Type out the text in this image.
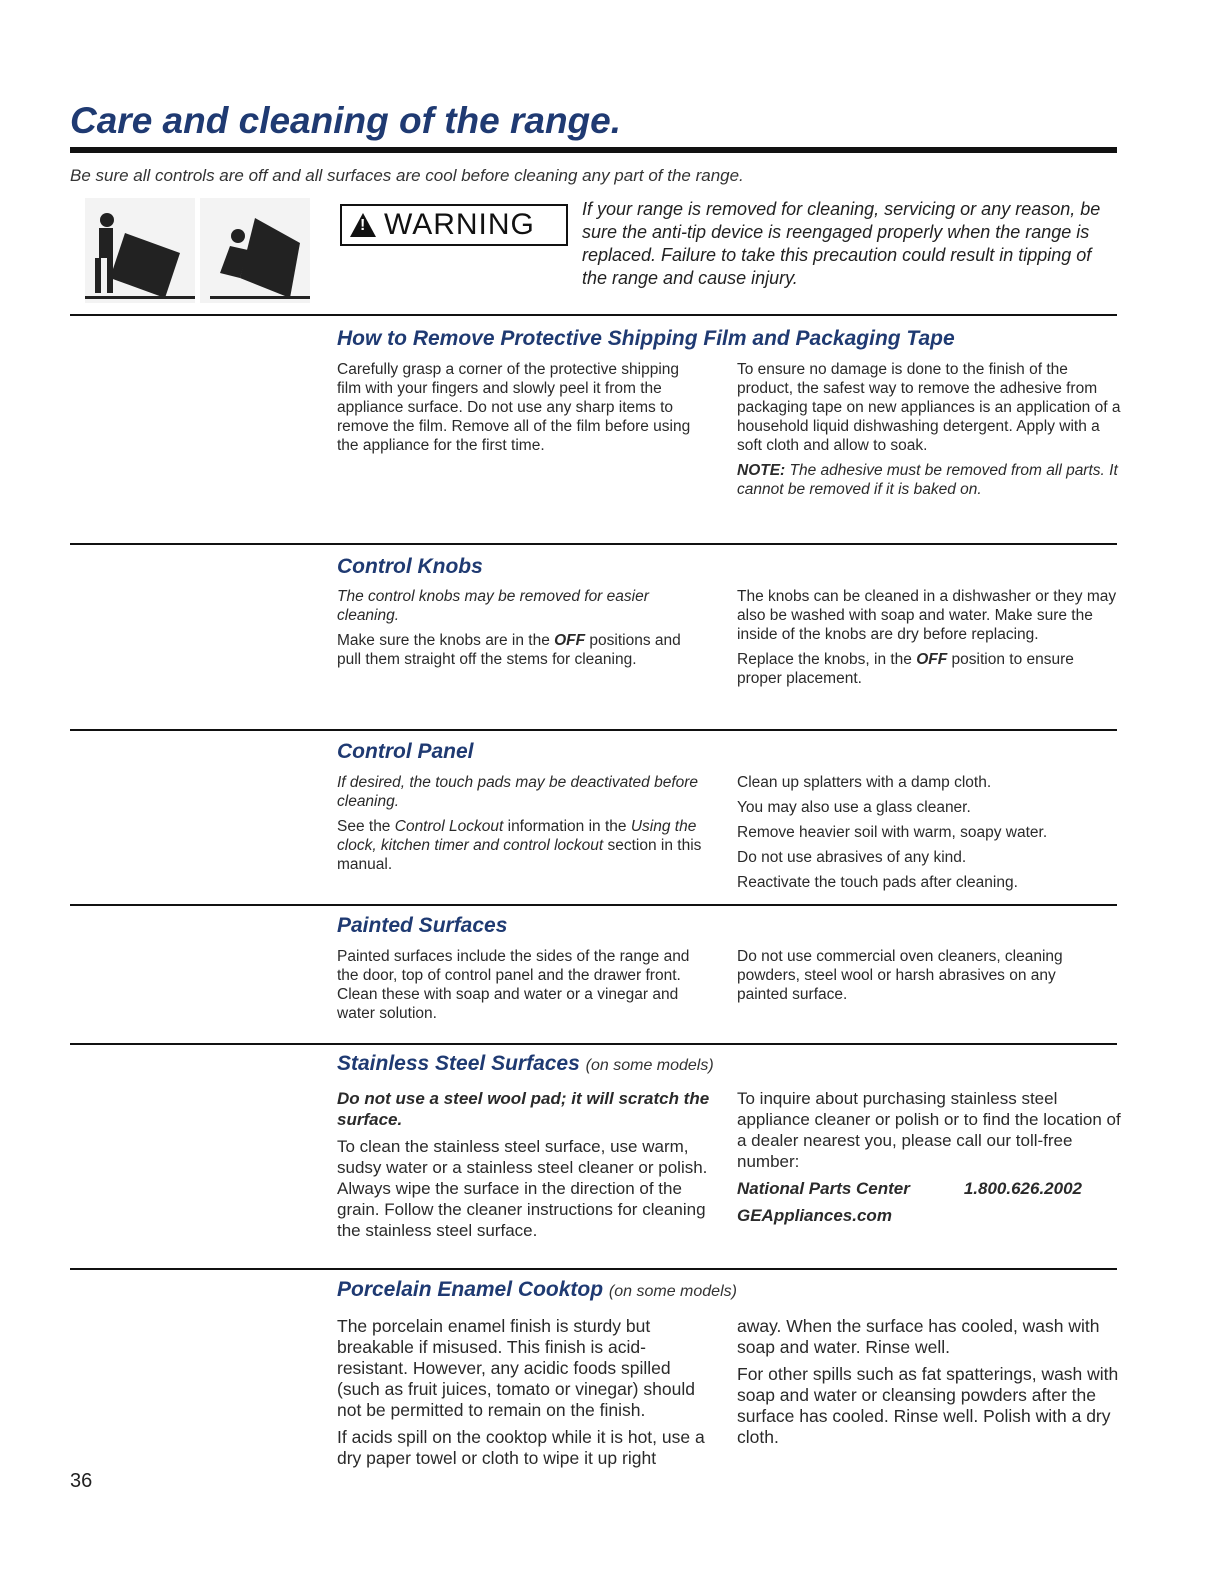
Care and cleaning of the range.
Be sure all controls are off and all surfaces are cool before cleaning any part of the range.
!
WARNING	If your range is removed for cleaning, servicing or any reason, be sure the anti-tip device is reengaged properly when the range is replaced. Failure to take this precaution could result in tipping of the range and cause injury.
How to Remove Protective Shipping Film and Packaging Tape

Carefully grasp a corner of the protective shipping film with your fingers and slowly peel it from the appliance surface. Do not use any sharp items to remove the film. Remove all of the film before using the appliance for the first time.

To ensure no damage is done to the finish of the product, the safest way to remove the adhesive from packaging tape on new appliances is an application of a household liquid dishwashing detergent. Apply with a soft cloth and allow to soak.

NOTE: The adhesive must be removed from all parts. It cannot be removed if it is baked on.

Control Knobs

The control knobs may be removed for easier cleaning.

Make sure the knobs are in the OFF positions and pull them straight off the stems for cleaning.

The knobs can be cleaned in a dishwasher or they may also be washed with soap and water. Make sure the inside of the knobs are dry before replacing.

Replace the knobs, in the OFF position to ensure proper placement.

Control Panel

If desired, the touch pads may be deactivated before cleaning.

See the Control Lockout information in the Using the clock, kitchen timer and control lockout section in this manual.

Clean up splatters with a damp cloth.

You may also use a glass cleaner.

Remove heavier soil with warm, soapy water.

Do not use abrasives of any kind.

Reactivate the touch pads after cleaning.

Painted Surfaces

Painted surfaces include the sides of the range and the door, top of control panel and the drawer front. Clean these with soap and water or a vinegar and water solution.

Do not use commercial oven cleaners, cleaning powders, steel wool or harsh abrasives on any painted surface.

Stainless Steel Surfaces (on some models)

Do not use a steel wool pad; it will scratch the surface.

To clean the stainless steel surface, use warm, sudsy water or a stainless steel cleaner or polish. Always wipe the surface in the direction of the grain. Follow the cleaner instructions for cleaning the stainless steel surface.

To inquire about purchasing stainless steel appliance cleaner or polish or to find the location of a dealer nearest you, please call our toll-free number:

National Parts Center	1.800.626.2002

GEAppliances.com

Porcelain Enamel Cooktop (on some models)

The porcelain enamel finish is sturdy but breakable if misused. This finish is acid-resistant. However, any acidic foods spilled (such as fruit juices, tomato or vinegar) should not be permitted to remain on the finish.

If acids spill on the cooktop while it is hot, use a dry paper towel or cloth to wipe it up right

away. When the surface has cooled, wash with soap and water. Rinse well.

For other spills such as fat spatterings, wash with soap and water or cleansing powders after the surface has cooled. Rinse well. Polish with a dry cloth.

36
